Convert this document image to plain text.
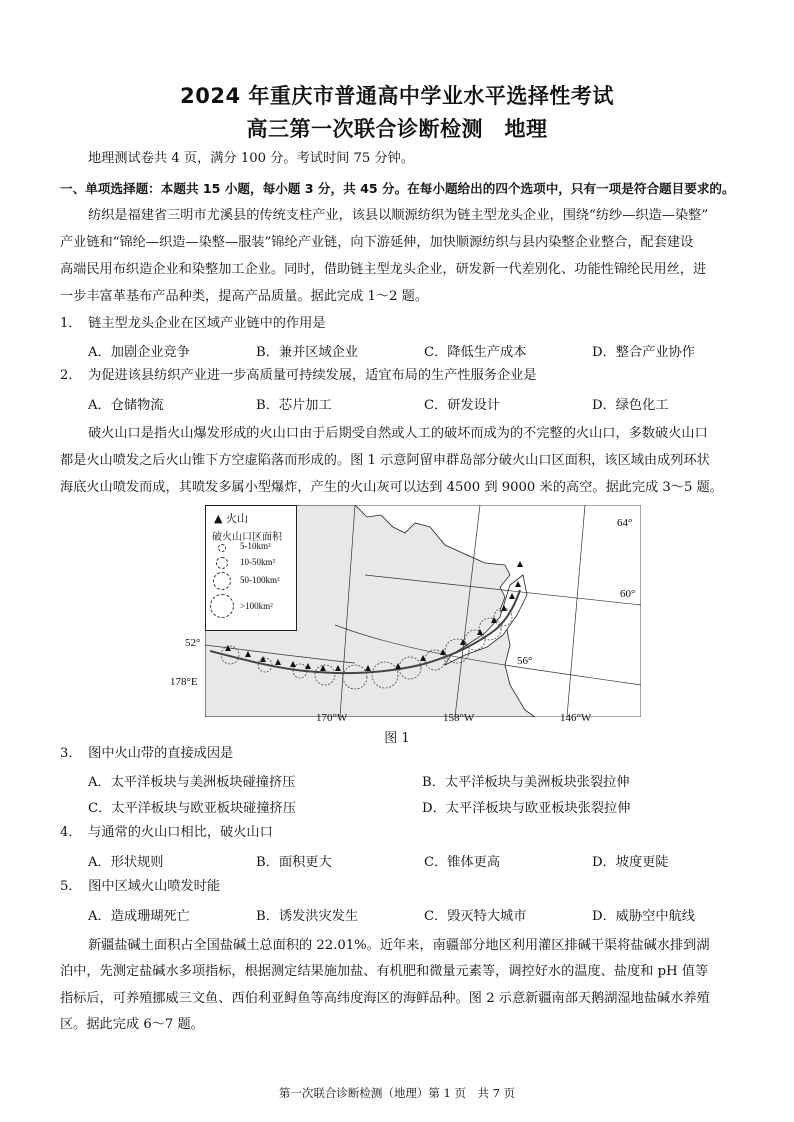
2024 年重庆市普通高中学业水平选择性考试
高三第一次联合诊断检测　地理
地理测试卷共 4 页，满分 100 分。考试时间 75 分钟。
一、单项选择题：本题共 15 小题，每小题 3 分，共 45 分。在每小题给出的四个选项中，只有一项是符合题目要求的。
纺织是福建省三明市尤溪县的传统支柱产业，该县以顺源纺织为链主型龙头企业，围绕“纺纱—织造—染整”
产业链和“锦纶—织造—染整—服装”锦纶产业链，向下游延伸，加快顺源纺织与县内染整企业整合，配套建设
高端民用布织造企业和染整加工企业。同时，借助链主型龙头企业，研发新一代差别化、功能性锦纶民用丝，进
一步丰富革基布产品种类，提高产品质量。据此完成 1～2 题。
1．　链主型龙头企业在区域产业链中的作用是
A．加剧企业竞争	B．兼并区域企业	C．降低生产成本	D．整合产业协作
2．　为促进该县纺织产业进一步高质量可持续发展，适宜布局的生产性服务企业是
A．仓储物流	B．芯片加工	C．研发设计	D．绿色化工
破火山口是指火山爆发形成的火山口由于后期受自然或人工的破坏而成为的不完整的火山口，多数破火山口
都是火山喷发之后火山锥下方空虚陷落而形成的。图 1 示意阿留申群岛部分破火山口区面积，该区域由成列环状
海底火山喷发而成，其喷发多属小型爆炸，产生的火山灰可以达到 4500 到 9000 米的高空。据此完成 3～5 题。
▲ 火山
破火山口区面积
5-10km²
10-50km²
50-100km²
>100km²
64°
60°
56°
52°
178°E
170°W	158°W	146°W
图 1
3．　图中火山带的直接成因是
A．太平洋板块与美洲板块碰撞挤压	B．太平洋板块与美洲板块张裂拉伸
C．太平洋板块与欧亚板块碰撞挤压	D．太平洋板块与欧亚板块张裂拉伸
4．　与通常的火山口相比，破火山口
A．形状规则	B．面积更大	C．锥体更高	D．坡度更陡
5．　图中区域火山喷发时能
A．造成珊瑚死亡	B．诱发洪灾发生	C．毁灭特大城市	D．威胁空中航线
新疆盐碱土面积占全国盐碱土总面积的 22.01%。近年来，南疆部分地区利用灌区排碱干渠将盐碱水排到湖
泊中，先测定盐碱水多项指标，根据测定结果施加盐、有机肥和微量元素等，调控好水的温度、盐度和 pH 值等
指标后，可养殖挪威三文鱼、西伯利亚鲟鱼等高纬度海区的海鲜品种。图 2 示意新疆南部天鹅湖湿地盐碱水养殖
区。据此完成 6～7 题。
第一次联合诊断检测（地理）第 1 页　共 7 页
